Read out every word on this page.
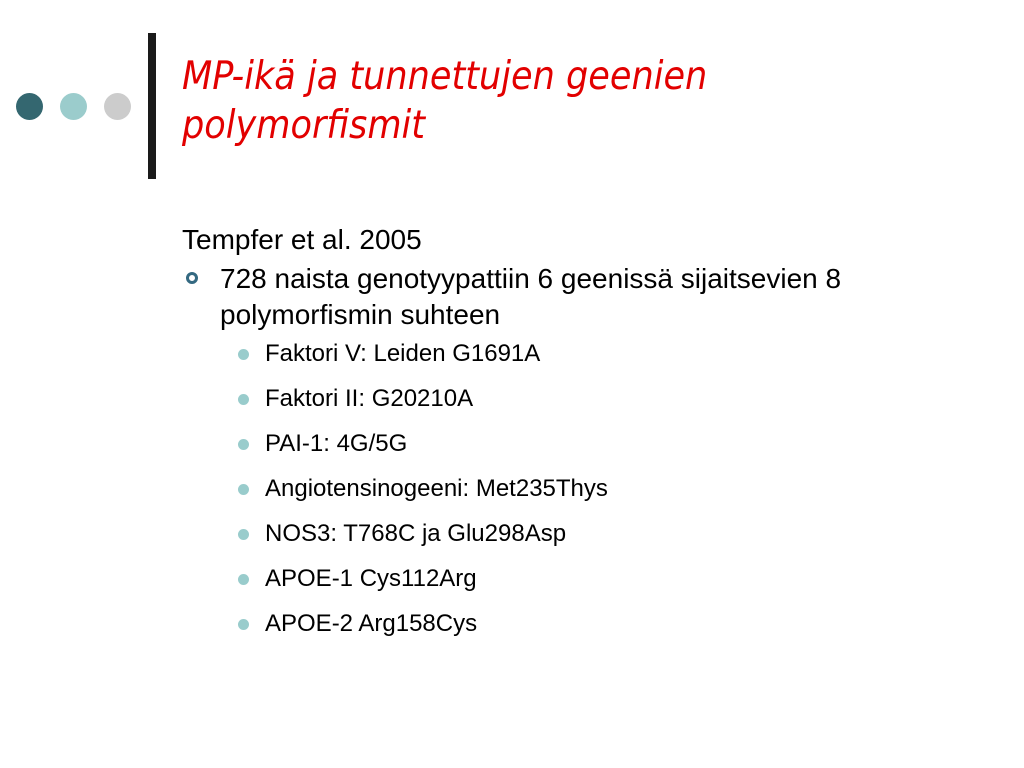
MP-ikä ja tunnettujen geenien polymorfismit
Tempfer et al. 2005
728 naista genotyypattiin 6 geenissä sijaitsevien 8 polymorfismin suhteen
Faktori V: Leiden G1691A
Faktori II: G20210A
PAI-1: 4G/5G
Angiotensinogeeni: Met235Thys
NOS3: T768C ja Glu298Asp
APOE-1 Cys112Arg
APOE-2 Arg158Cys
